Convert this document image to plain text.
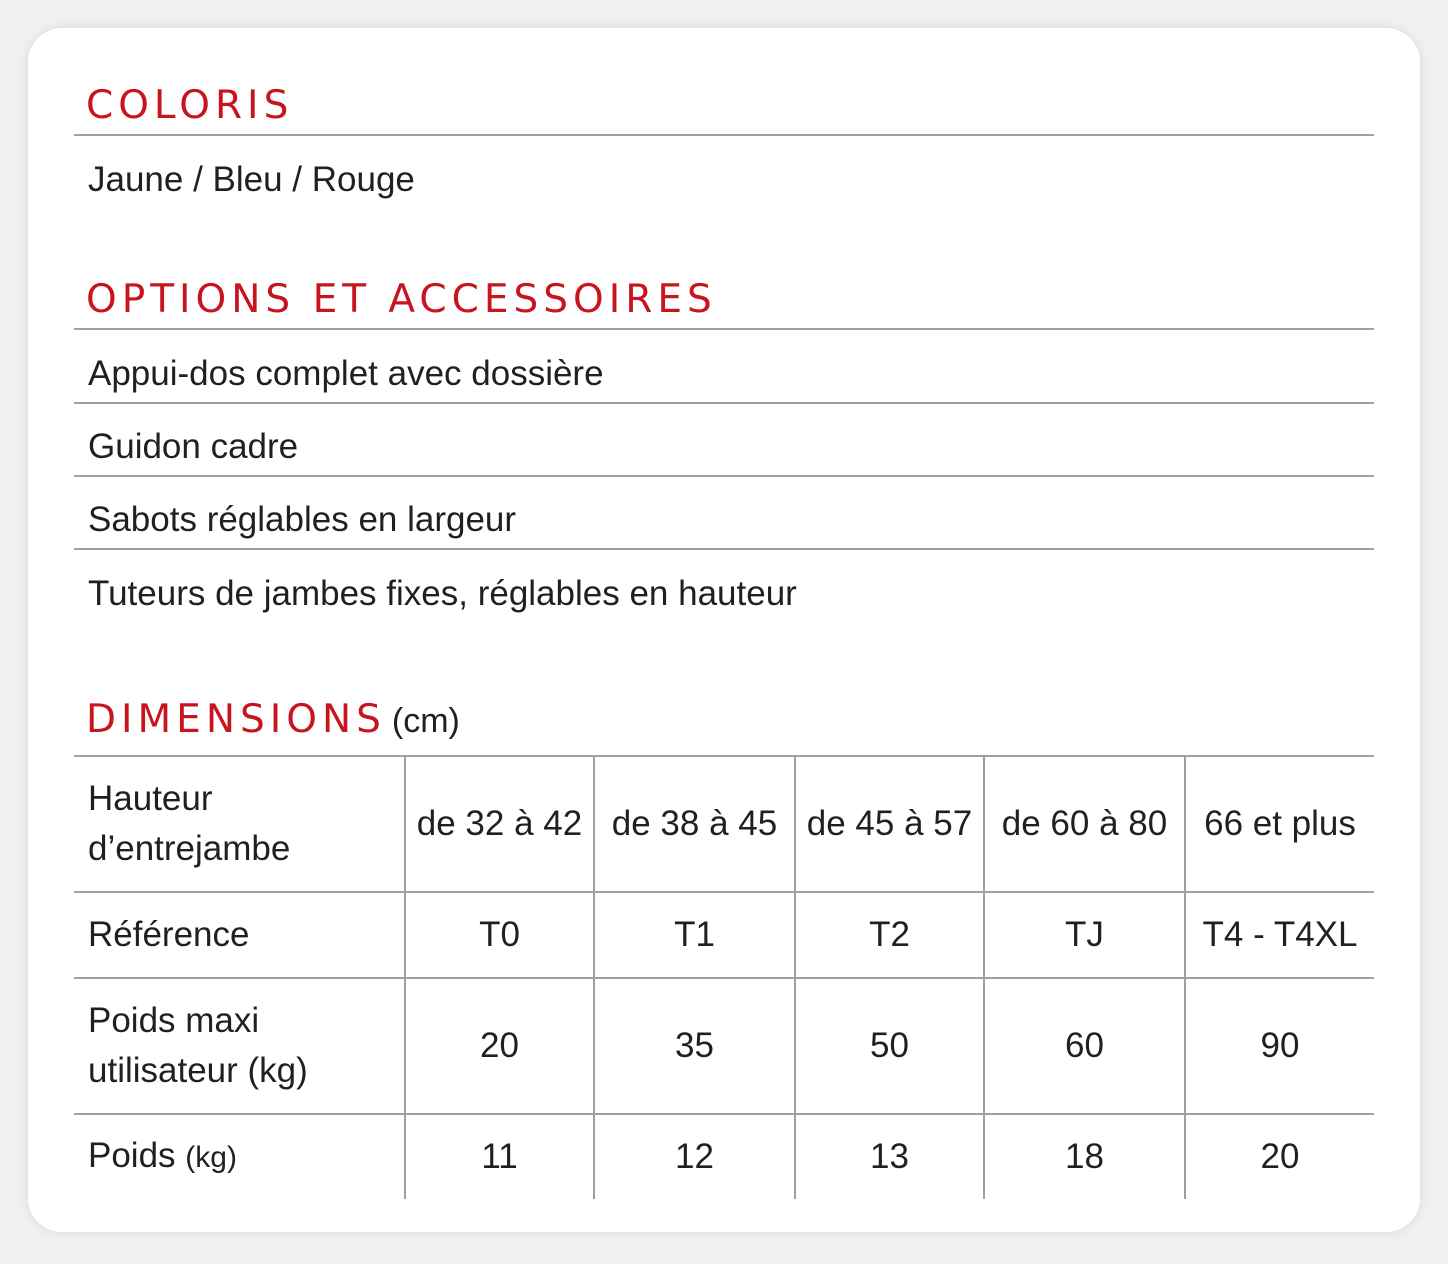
COLORIS
Jaune / Bleu / Rouge
OPTIONS ET ACCESSOIRES
Appui-dos complet avec dossière
Guidon cadre
Sabots réglables en largeur
Tuteurs de jambes fixes, réglables en hauteur
DIMENSIONS (cm)
Hauteur
d’entrejambe	de 32 à 42	de 38 à 45	de 45 à 57	de 60 à 80	66 et plus
Référence	T0	T1	T2	TJ	T4 - T4XL
Poids maxi
utilisateur (kg)	20	35	50	60	90
Poids (kg)	11	12	13	18	20
